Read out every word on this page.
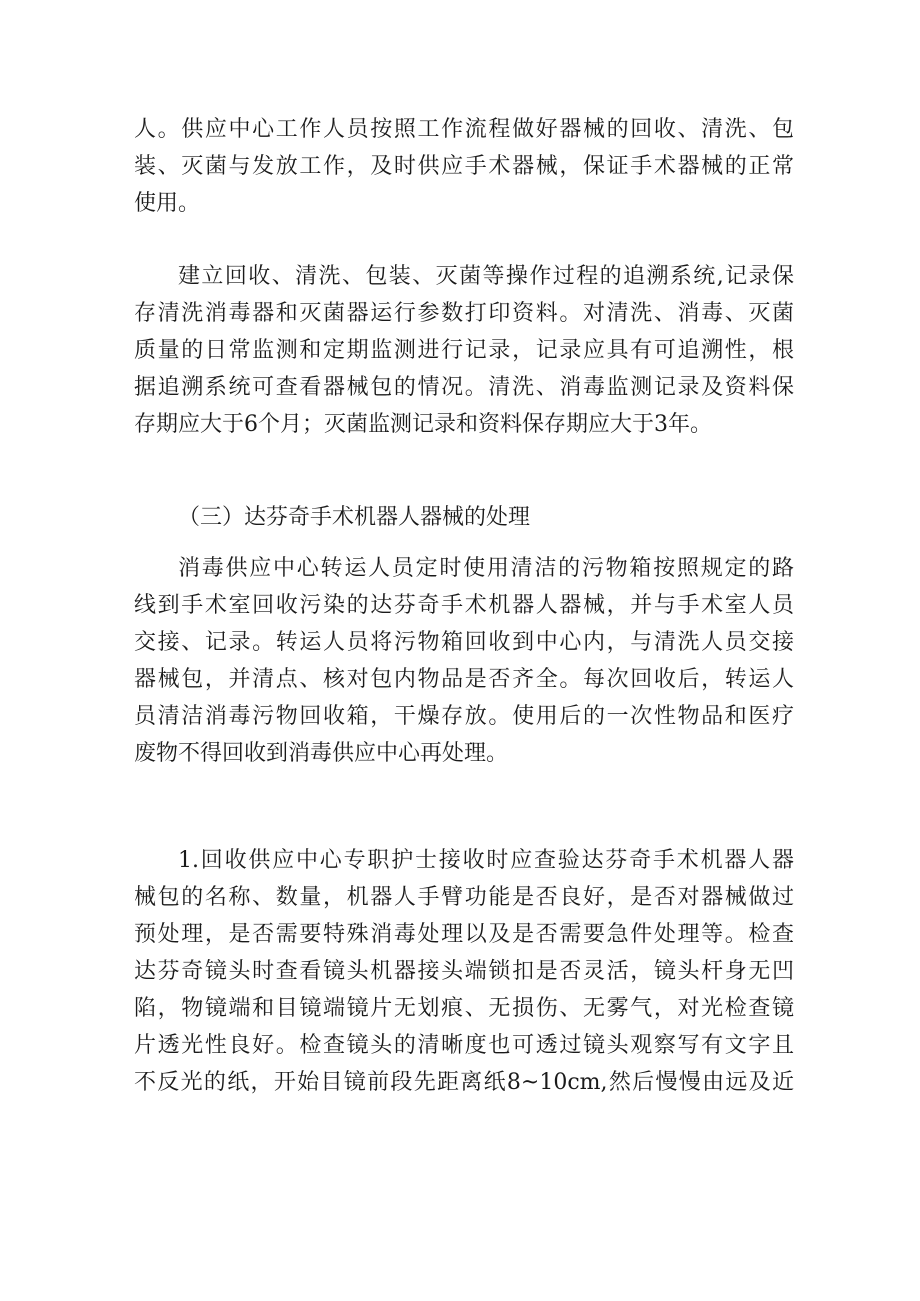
人。供应中心工作人员按照工作流程做好器械的回收、清洗、包
装、灭菌与发放工作，及时供应手术器械，保证手术器械的正常
使用。
建立回收、清洗、包装、灭菌等操作过程的追溯系统,记录保
存清洗消毒器和灭菌器运行参数打印资料。对清洗、消毒、灭菌
质量的日常监测和定期监测进行记录，记录应具有可追溯性，根
据追溯系统可查看器械包的情况。清洗、消毒监测记录及资料保
存期应大于6个月；灭菌监测记录和资料保存期应大于3年。
（三）达芬奇手术机器人器械的处理
消毒供应中心转运人员定时使用清洁的污物箱按照规定的路
线到手术室回收污染的达芬奇手术机器人器械，并与手术室人员
交接、记录。转运人员将污物箱回收到中心内，与清洗人员交接
器械包，并清点、核对包内物品是否齐全。每次回收后，转运人
员清洁消毒污物回收箱，干燥存放。使用后的一次性物品和医疗
废物不得回收到消毒供应中心再处理。
1.回收供应中心专职护士接收时应查验达芬奇手术机器人器
械包的名称、数量，机器人手臂功能是否良好，是否对器械做过
预处理，是否需要特殊消毒处理以及是否需要急件处理等。检查
达芬奇镜头时查看镜头机器接头端锁扣是否灵活，镜头杆身无凹
陷，物镜端和目镜端镜片无划痕、无损伤、无雾气，对光检查镜
片透光性良好。检查镜头的清晰度也可透过镜头观察写有文字且
不反光的纸，开始目镜前段先距离纸8~10cm,然后慢慢由远及近
